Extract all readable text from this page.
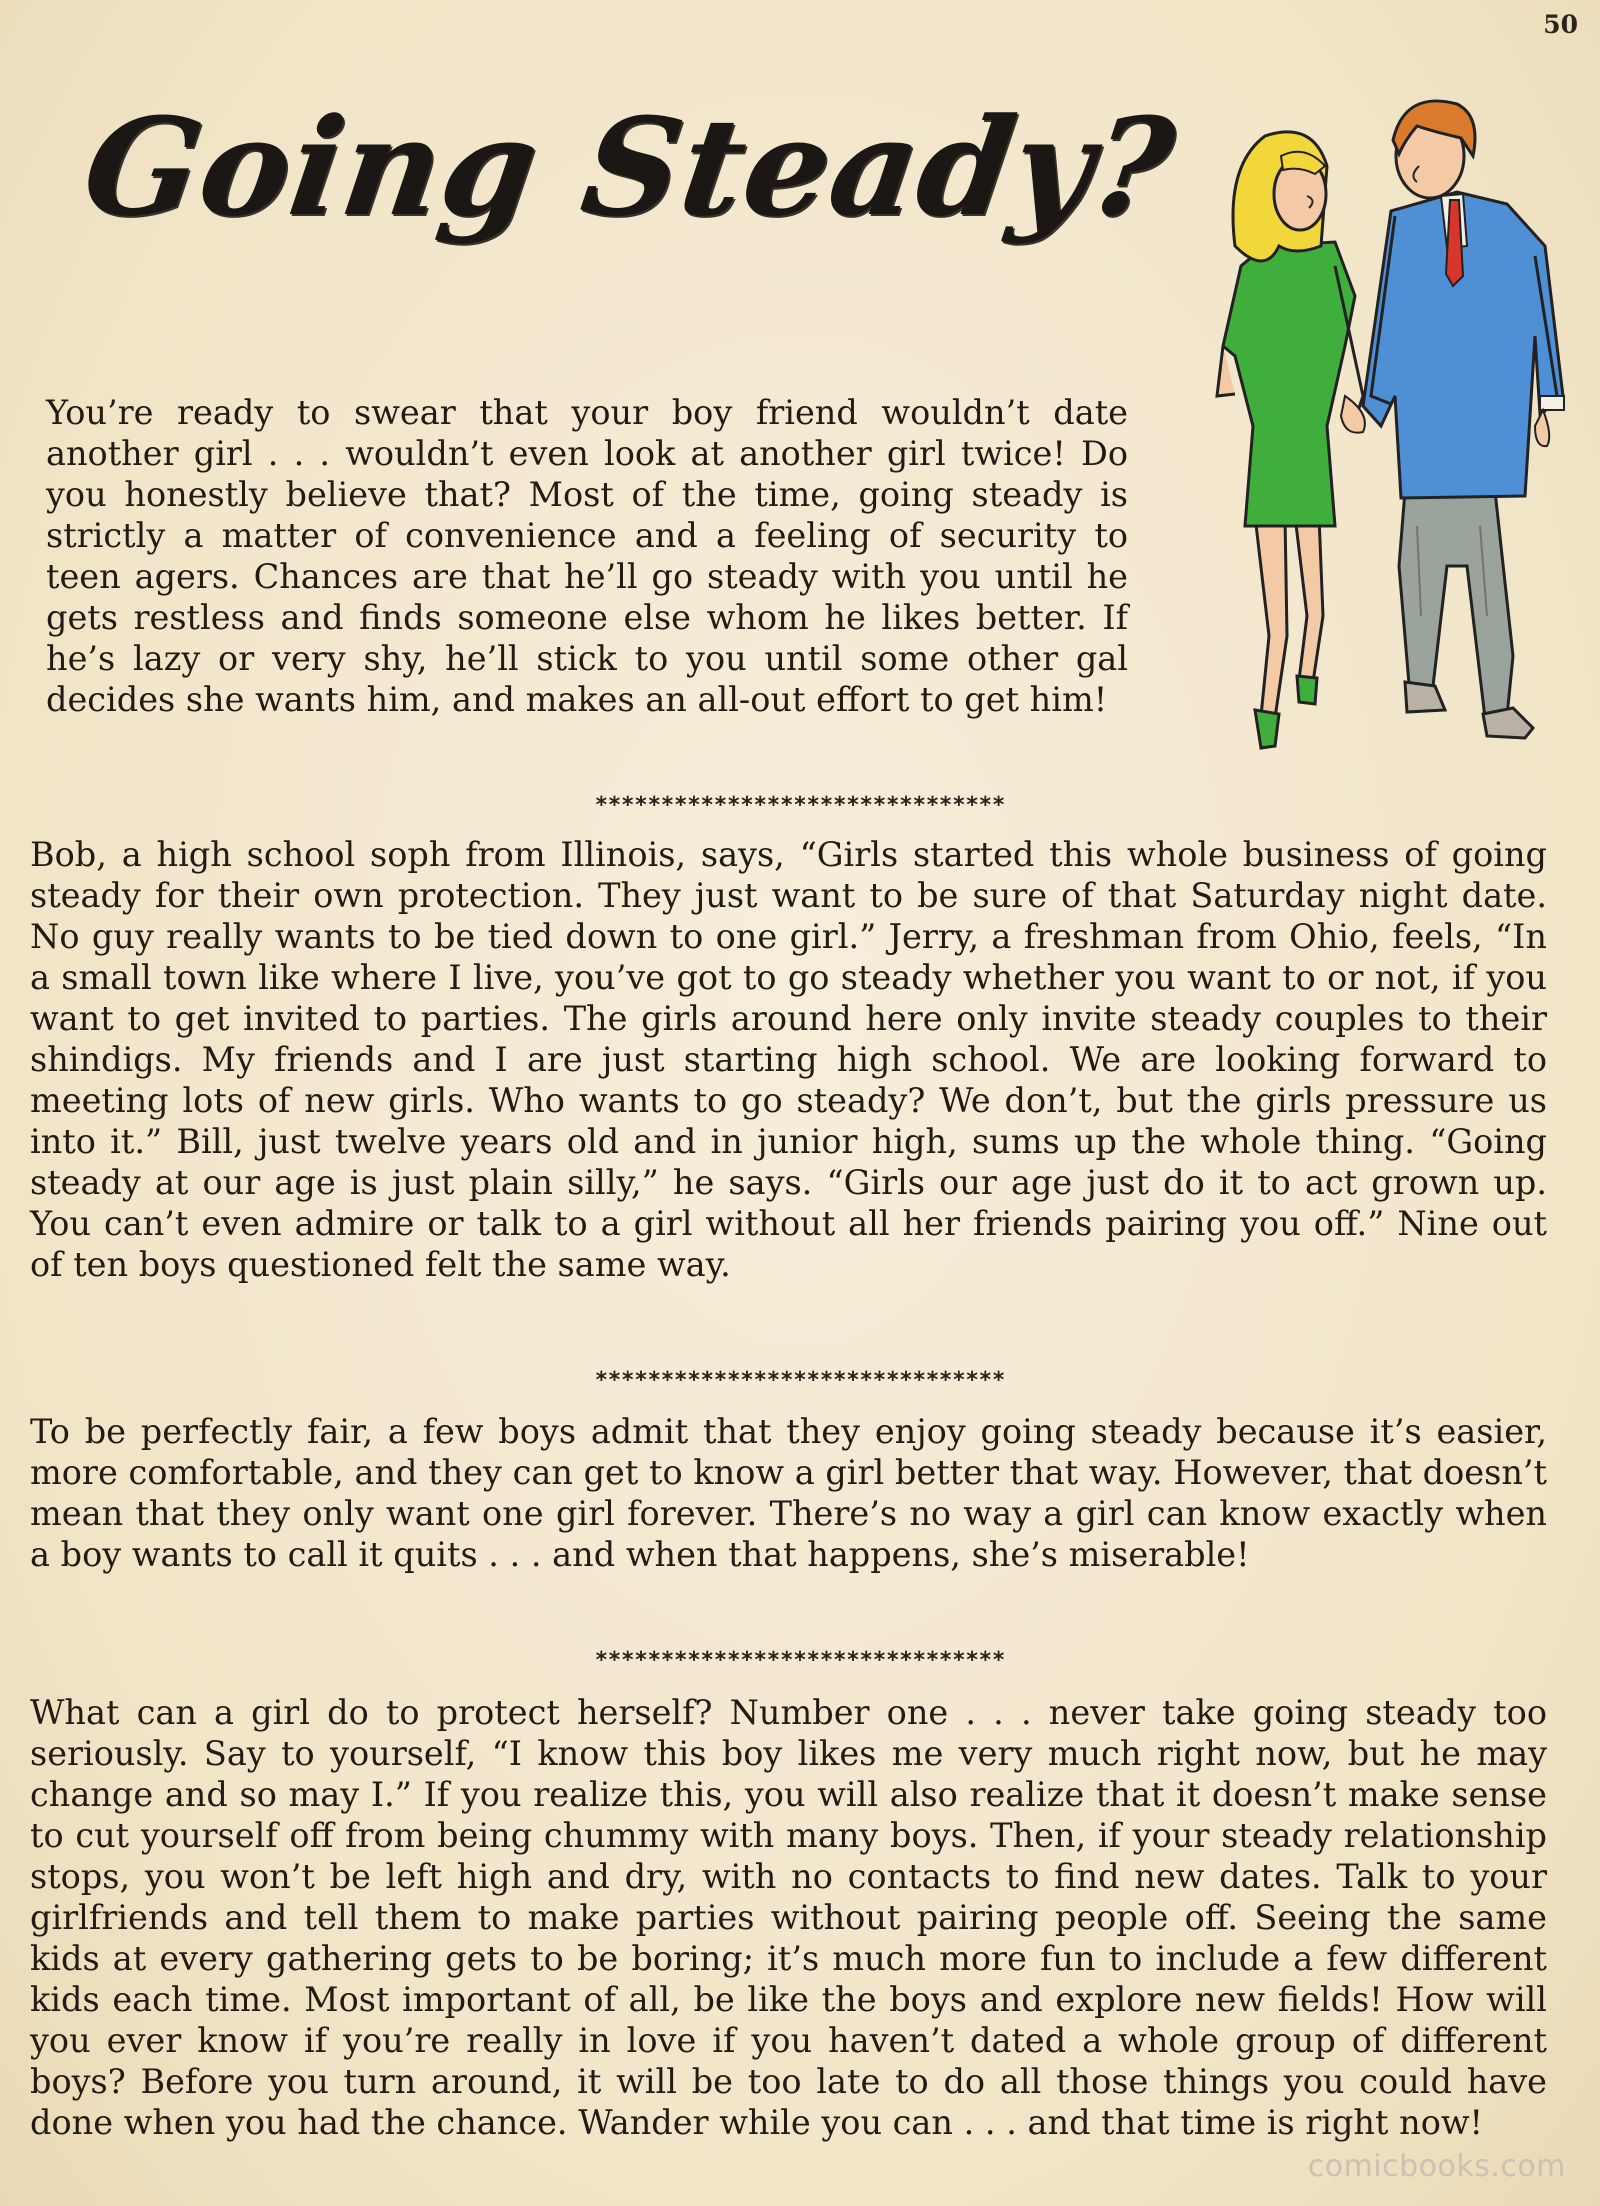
50
Going Steady?

You’re ready to swear that your boy friend wouldn’t date another girl . . . wouldn’t even look at another girl twice! Do you honestly believe that? Most of the time, going steady is strictly a matter of convenience and a feeling of security to teen agers. Chances are that he’ll go steady with you until he gets restless and finds someone else whom he likes better. If he’s lazy or very shy, he’ll stick to you until some other gal decides she wants him, and makes an all-out effort to get him!

*******************************

Bob, a high school soph from Illinois, says, “Girls started this whole business of going steady for their own protection. They just want to be sure of that Saturday night date. No guy really wants to be tied down to one girl.” Jerry, a freshman from Ohio, feels, “In a small town like where I live, you’ve got to go steady whether you want to or not, if you want to get invited to parties. The girls around here only invite steady couples to their shindigs. My friends and I are just starting high school. We are looking forward to meeting lots of new girls. Who wants to go steady? We don’t, but the girls pressure us into it.” Bill, just twelve years old and in junior high, sums up the whole thing. “Going steady at our age is just plain silly,” he says. “Girls our age just do it to act grown up. You can’t even admire or talk to a girl without all her friends pairing you off.” Nine out of ten boys questioned felt the same way.

*******************************

To be perfectly fair, a few boys admit that they enjoy going steady because it’s easier, more comfortable, and they can get to know a girl better that way. However, that doesn’t mean that they only want one girl forever. There’s no way a girl can know exactly when a boy wants to call it quits . . . and when that happens, she’s miserable!

*******************************

What can a girl do to protect herself? Number one . . . never take going steady too seriously. Say to yourself, “I know this boy likes me very much right now, but he may change and so may I.” If you realize this, you will also realize that it doesn’t make sense to cut yourself off from being chummy with many boys. Then, if your steady relationship stops, you won’t be left high and dry, with no contacts to find new dates. Talk to your girlfriends and tell them to make parties without pairing people off. Seeing the same kids at every gathering gets to be boring; it’s much more fun to include a few different kids each time. Most important of all, be like the boys and explore new fields! How will you ever know if you’re really in love if you haven’t dated a whole group of different boys? Before you turn around, it will be too late to do all those things you could have done when you had the chance. Wander while you can . . . and that time is right now!

comicbooks.com
